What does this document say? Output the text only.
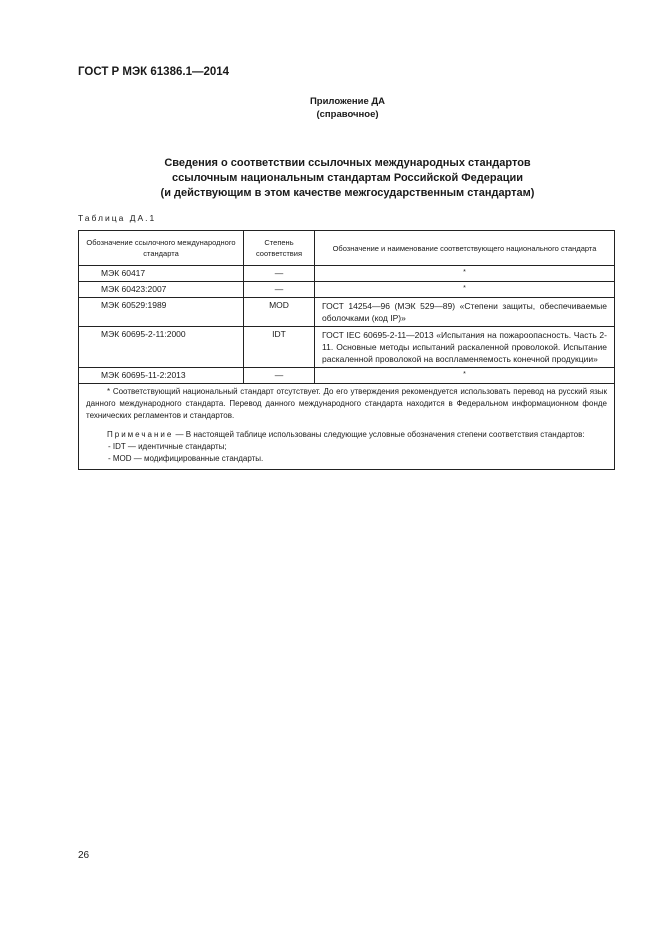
ГОСТ Р МЭК 61386.1—2014
Приложение ДА
(справочное)
Сведения о соответствии ссылочных международных стандартов
ссылочным национальным стандартам Российской Федерации
(и действующим в этом качестве межгосударственным стандартам)
Таблица ДА.1
Обозначение ссылочного международного стандарта	Степень соответствия	Обозначение и наименование соответствующего национального стандарта
МЭК 60417	—	*
МЭК 60423:2007	—	*
МЭК 60529:1989	MOD	ГОСТ 14254—96 (МЭК 529—89) «Степени защиты, обеспечиваемые оболочками (код IP)»
МЭК 60695-2-11:2000	IDT	ГОСТ IEC 60695-2-11—2013 «Испытания на пожароопасность. Часть 2-11. Основные методы испытаний раскаленной проволокой. Испытание раскаленной проволокой на воспламеняемость конечной продукции»
МЭК 60695-11-2:2013	—	*

* Соответствующий национальный стандарт отсутствует. До его утверждения рекомендуется использовать перевод на русский язык данного международного стандарта. Перевод данного международного стандарта находится в Федеральном информационном фонде технических регламентов и стандартов.

Примечание — В настоящей таблице использованы следующие условные обозначения степени соответствия стандартов:

- IDT — идентичные стандарты;

- MOD — модифицированные стандарты.		

26
